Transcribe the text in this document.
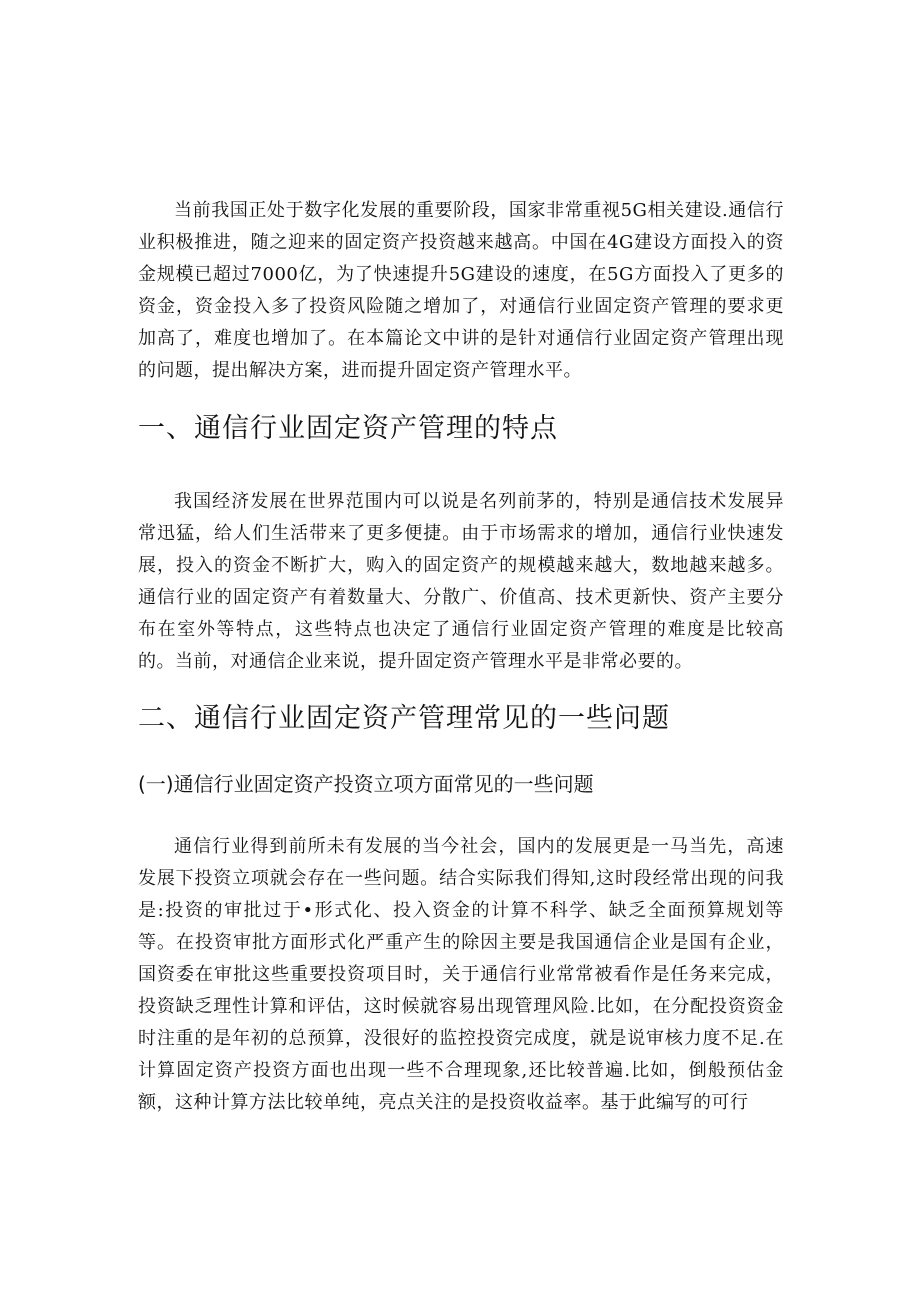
当前我国正处于数字化发展的重要阶段，国家非常重视5G相关建设.通信行业积极推进，随之迎来的固定资产投资越来越高。中国在4G建设方面投入的资金规模已超过7000亿，为了快速提升5G建设的速度，在5G方面投入了更多的资金，资金投入多了投资风险随之增加了，对通信行业固定资产管理的要求更加高了，难度也增加了。在本篇论文中讲的是针对通信行业固定资产管理出现的问题，提出解决方案，进而提升固定资产管理水平。

一、通信行业固定资产管理的特点

我国经济发展在世界范围内可以说是名列前茅的，特别是通信技术发展异常迅猛，给人们生活带来了更多便捷。由于市场需求的增加，通信行业快速发展，投入的资金不断扩大，购入的固定资产的规模越来越大，数地越来越多。通信行业的固定资产有着数量大、分散广、价值高、技术更新快、资产主要分布在室外等特点，这些特点也决定了通信行业固定资产管理的难度是比较高的。当前，对通信企业来说，提升固定资产管理水平是非常必要的。

二、通信行业固定资产管理常见的一些问题
(一)通信行业固定资产投资立项方面常见的一些问题

通信行业得到前所未有发展的当今社会，国内的发展更是一马当先，高速发展下投资立项就会存在一些问题。结合实际我们得知,这时段经常出现的问我是:投资的审批过于•形式化、投入资金的计算不科学、缺乏全面预算规划等等。在投资审批方面形式化严重产生的除因主要是我国通信企业是国有企业，国资委在审批这些重要投资项目时，关于通信行业常常被看作是任务来完成，投资缺乏理性计算和评估，这时候就容易出现管理风险.比如，在分配投资资金时注重的是年初的总预算，没很好的监控投资完成度，就是说审核力度不足.在计算固定资产投资方面也出现一些不合理现象,还比较普遍.比如，倒般预估金额，这种计算方法比较单纯，亮点关注的是投资收益率。基于此编写的可行
